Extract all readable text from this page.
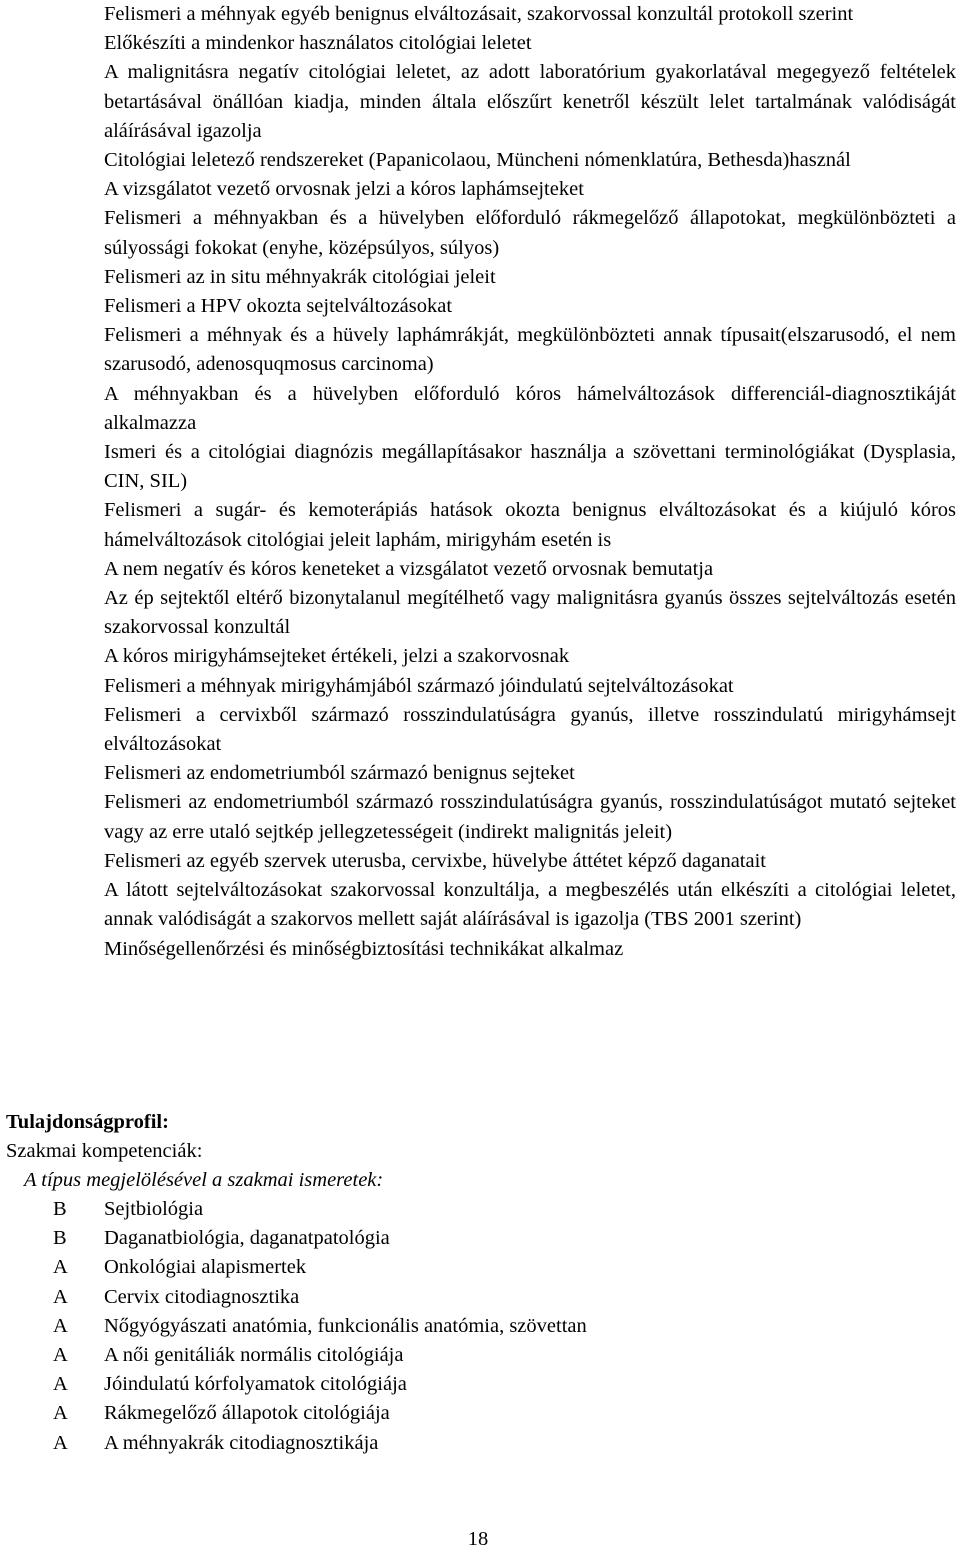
Felismeri a méhnyak egyéb benignus elváltozásait, szakorvossal konzultál protokoll szerint
Előkészíti a mindenkor használatos citológiai leletet
A malignitásra negatív citológiai leletet, az adott laboratórium gyakorlatával megegyező feltételek betartásával önállóan kiadja, minden általa előszűrt kenetről készült lelet tartalmának valódiságát aláírásával igazolja
Citológiai leletező rendszereket (Papanicolaou, Müncheni nómenklatúra, Bethesda)használ
A vizsgálatot vezető orvosnak jelzi a kóros laphámsejteket
Felismeri a méhnyakban és a hüvelyben előforduló rákmegelőző állapotokat, megkülönbözteti a súlyossági fokokat (enyhe, középsúlyos, súlyos)
Felismeri az in situ méhnyakrák citológiai jeleit
Felismeri a HPV okozta sejtelváltozásokat
Felismeri a méhnyak és a hüvely laphámrákját, megkülönbözteti annak típusait(elszarusodó, el nem szarusodó, adenosquqmosus carcinoma)
A méhnyakban és a hüvelyben előforduló kóros hámelváltozások differenciál-diagnosztikáját alkalmazza
Ismeri és a citológiai diagnózis megállapításakor használja a szövettani terminológiákat (Dysplasia, CIN, SIL)
Felismeri a sugár- és kemoterápiás hatások okozta benignus elváltozásokat és a kiújuló kóros hámelváltozások citológiai jeleit laphám, mirigyhám esetén is
A nem negatív és kóros keneteket a vizsgálatot vezető orvosnak bemutatja
Az ép sejtektől eltérő bizonytalanul megítélhető vagy malignitásra gyanús összes sejtelváltozás esetén szakorvossal konzultál
A kóros mirigyhámsejteket értékeli, jelzi a szakorvosnak
Felismeri a méhnyak mirigyhámjából származó jóindulatú sejtelváltozásokat
Felismeri a cervixből származó rosszindulatúságra gyanús, illetve rosszindulatú mirigyhámsejt elváltozásokat
Felismeri az endometriumból származó benignus sejteket
Felismeri az endometriumból származó rosszindulatúságra gyanús, rosszindulatúságot mutató sejteket vagy az erre utaló sejtkép jellegzetességeit (indirekt malignitás jeleit)
Felismeri az egyéb szervek uterusba, cervixbe, hüvelybe áttétet képző daganatait
A látott sejtelváltozásokat szakorvossal konzultálja, a megbeszélés után elkészíti a citológiai leletet, annak valódiságát a szakorvos mellett saját aláírásával is igazolja (TBS 2001 szerint)
Minőségellenőrzési és minőségbiztosítási technikákat alkalmaz
Tulajdonságprofil:
Szakmai kompetenciák:
A típus megjelölésével a szakmai ismeretek:
B	Sejtbiológia
B	Daganatbiológia, daganatpatológia
A	Onkológiai alapismertek
A	Cervix citodiagnosztika
A	Nőgyógyászati anatómia, funkcionális anatómia, szövettan
A	A női genitáliák normális citológiája
A	Jóindulatú kórfolyamatok citológiája
A	Rákmegelőző állapotok citológiája
A	A méhnyakrák citodiagnosztikája
18
